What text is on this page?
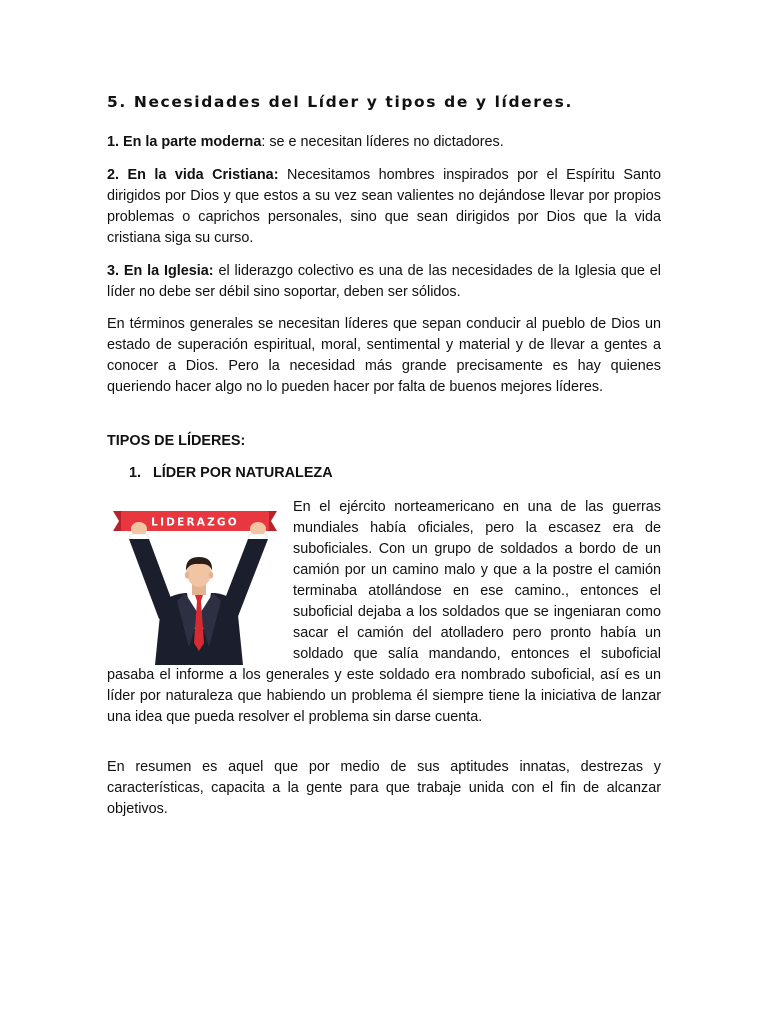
5. Necesidades del Líder y tipos de y líderes.

1. En la parte moderna: se e necesitan líderes no dictadores.

2. En la vida Cristiana: Necesitamos hombres inspirados por el Espíritu Santo dirigidos por Dios y que estos a su vez sean valientes no dejándose llevar por propios problemas o caprichos personales, sino que sean dirigidos por Dios que la vida cristiana siga su curso.

3. En la Iglesia: el liderazgo colectivo es una de las necesidades de la Iglesia que el líder no debe ser débil sino soportar, deben ser sólidos.

En términos generales se necesitan líderes que sepan conducir al pueblo de Dios un estado de superación espiritual, moral, sentimental y material y de llevar a gentes a conocer a Dios. Pero la necesidad más grande precisamente es hay quienes queriendo hacer algo no lo pueden hacer por falta de buenos mejores líderes.

TIPOS DE LÍDERES:

1. LÍDER POR NATURALEZA

LIDERAZGO
En el ejército norteamericano en una de las guerras mundiales había oficiales, pero la escasez era de suboficiales. Con un grupo de soldados a bordo de un camión por un camino malo y que a la postre el camión terminaba atollándose en ese camino., entonces el suboficial dejaba a los soldados que se ingeniaran como sacar el camión del atolladero pero pronto había un soldado que salía mandando, entonces el suboficial pasaba el informe a los generales y este soldado era nombrado suboficial, así es un líder por naturaleza que habiendo un problema él siempre tiene la iniciativa de lanzar una idea que pueda resolver el problema sin darse cuenta.

En resumen es aquel que por medio de sus aptitudes innatas, destrezas y características, capacita a la gente para que trabaje unida con el fin de alcanzar objetivos.
